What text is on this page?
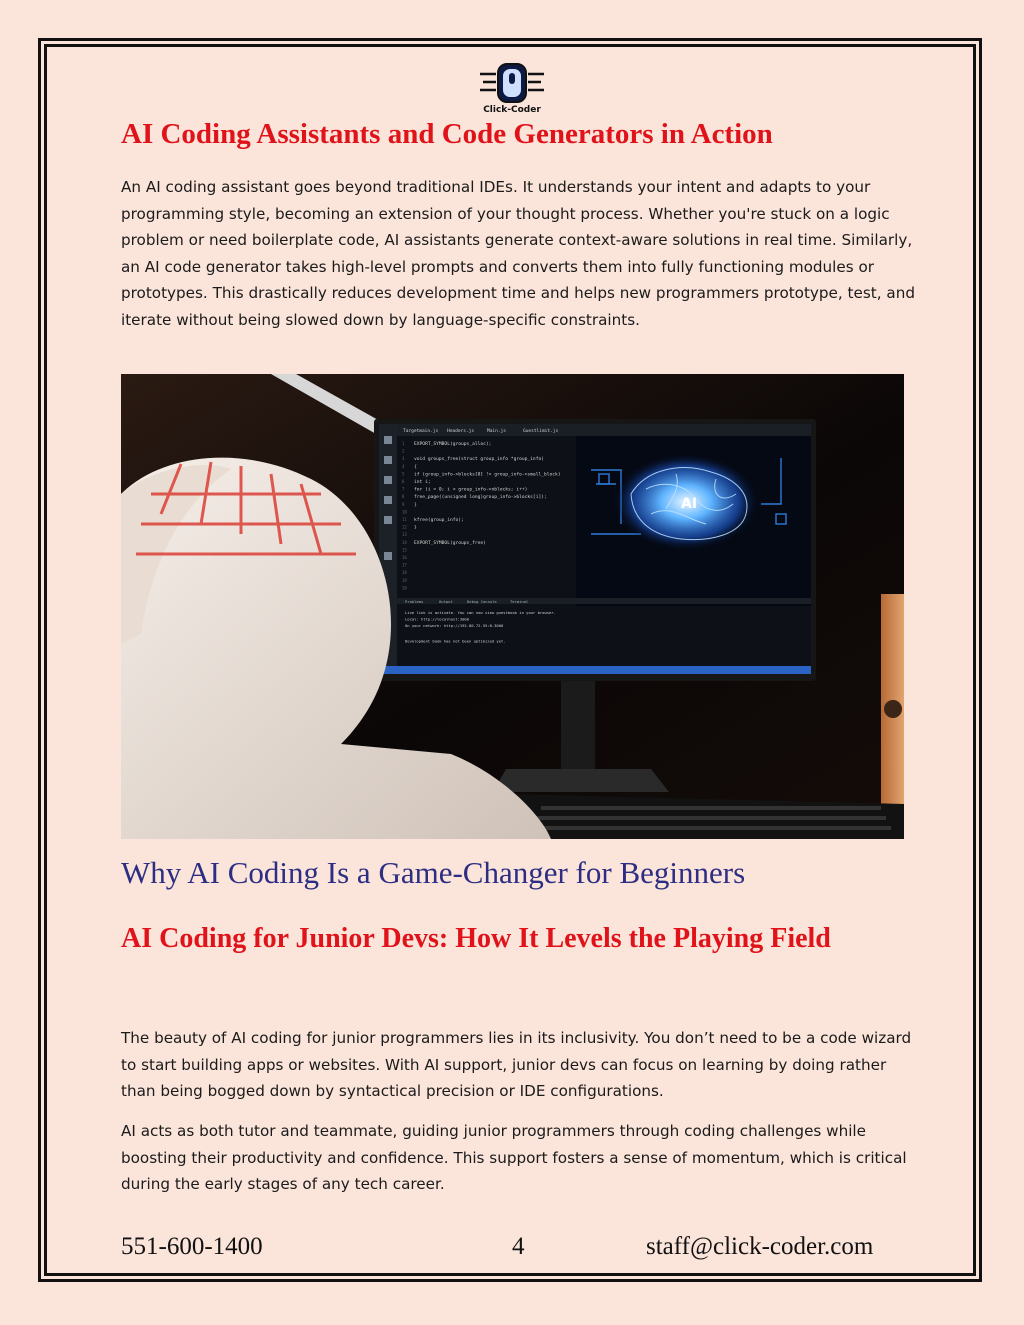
Click-Coder
AI Coding Assistants and Code Generators in Action

An AI coding assistant goes beyond traditional IDEs. It understands your intent and adapts to your programming style, becoming an extension of your thought process. Whether you're stuck on a logic problem or need boilerplate code, AI assistants generate context-aware solutions in real time. Similarly, an AI code generator takes high-level prompts and converts them into fully functioning modules or prototypes. This drastically reduces development time and helps new programmers prototype, test, and iterate without being slowed down by language-specific constraints.

Targetmain.js Headers.js	Main.js	Guestlimit.js
1
2
3
4
5
6
7
8
9
10
11
12
13
14
15
16
17
18
19
20
EXPORT_SYMBOL(groups_alloc);
void groups_free(struct group_info *group_info)
{
if (group_info->blocks[0] != group_info->small_block)
int i;
for (i = 0; i < group_info->nblocks; i++)
free_page((unsigned long)group_info->blocks[i]);
}
kfree(group_info);
}
EXPORT_SYMBOL(groups_free)
AI
Problems	Output	Debug Console	Terminal
Live link is activate. You can now view guestbook in your browser.
Local: http://localhost:3000
On your network: http://192.80.72.55:8.3000
Development book has not been optimized yet.
Why AI Coding Is a Game-Changer for Beginners
AI Coding for Junior Devs: How It Levels the Playing Field

The beauty of AI coding for junior programmers lies in its inclusivity. You don’t need to be a code wizard to start building apps or websites. With AI support, junior devs can focus on learning by doing rather than being bogged down by syntactical precision or IDE configurations.

AI acts as both tutor and teammate, guiding junior programmers through coding challenges while boosting their productivity and confidence. This support fosters a sense of momentum, which is critical during the early stages of any tech career.

551-600-1400	4	staff@click-coder.com
